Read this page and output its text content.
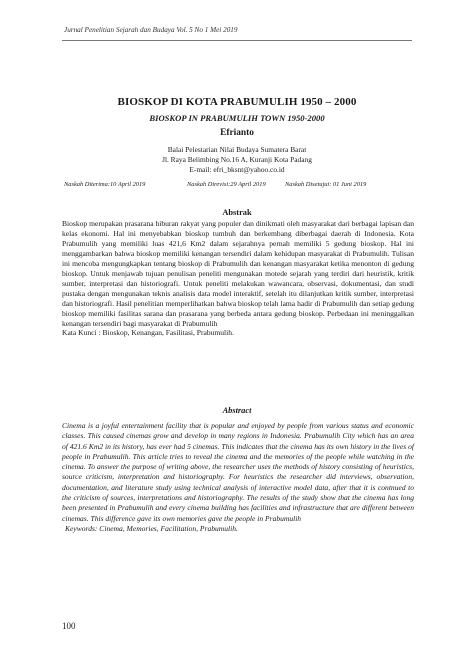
Jurnal Penelitian Sejarah dan Budaya Vol. 5 No 1 Mei 2019
BIOSKOP DI KOTA PRABUMULIH 1950 – 2000
BIOSKOP IN PRABUMULIH TOWN 1950-2000
Efrianto
Balai Pelestarian Nilai Budaya Sumatera Barat
Jl. Raya Belimbing No.16 A, Kuranji Kota Padang
E-mail: efri_bksnt@yahoo.co.id
Naskah Diterima:10 April 2019	Naskah Direvisi:29 April 2019	Naskah Disetujui: 01 Juni 2019
Abstrak

Bioskop merupakan prasarana hiburan rakyat yang populer dan dinikmati oleh masyarakat dari berbagai lapisan dan kelas ekonomi. Hal ini menyebabkan bioskop tumbuh dan berkembang diberbagai daerah di Indonesia. Kota Prabumulih yang memiliki luas 421,6 Km2 dalam sejarahnya pernah memiliki 5 gedung bioskop. Hal ini menggambarkan bahwa bioskop memiliki kenangan tersendiri dalam kehidupan masyarakat di Prabumulih. Tulisan ini mencoba mengungkapkan tentang bioskop di Prabumulih dan kenangan masyarakat ketika menonton di gedung bioskop. Untuk menjawab tujuan penulisan peneliti mengunakan motede sejarah yang terdiri dari heuristik, kritik sumber, interpretasi dan historiografi. Untuk peneliti melakukan wawancara, observasi, dokumentasi, dan studi pustaka dengan mengunakan teknis analisis data model interaktif, setelah itu dilanjutkan kritik sumber, interpretasi dan historiografi. Hasil penelitian memperlihatkan bahwa bioskop telah lama hadir di Prabumulih dan setiap gedung bioskop memiliki fasilitas sarana dan prasarana yang berbeda antara gedung bioskop. Perbedaan ini meninggalkan kenangan tersendiri bagi masyarakat di Prabumulih

Kata Kunci : Bioskop, Kenangan, Fasilitasi, Prabumulih.

Abstract

Cinema is a joyful entertainment facility that is popular and enjoyed by people from various status and economic classes. This caused cinemas grow and develop in many regions in Indonesia. Prabumulih City which has an area of 421.6 Km2 in its history, has ever had 5 cinemas. This indicates that the cinema has its own history in the lives of people in Prabumulih. This article tries to reveal the cinema and the memories of the people while watching in the cinema. To answer the purpose of writing above, the researcher uses the methods of history consisting of heuristics, source criticism, interpretation and historiography. For heuristics the researcher did interviews, observation, documentation, and literature study using technical analysis of interactive model data, after that it is contnued to the criticism of sources, interpretations and historiography. The results of the study show that the cinema has long been presented in Prabumulih and every cinema building has facilities and infrastructure that are different between cinemas. This difference gave its own memories gave the people in Prabumulih

Keywords: Cinema, Memories, Facilitation, Prabumulih.

100
